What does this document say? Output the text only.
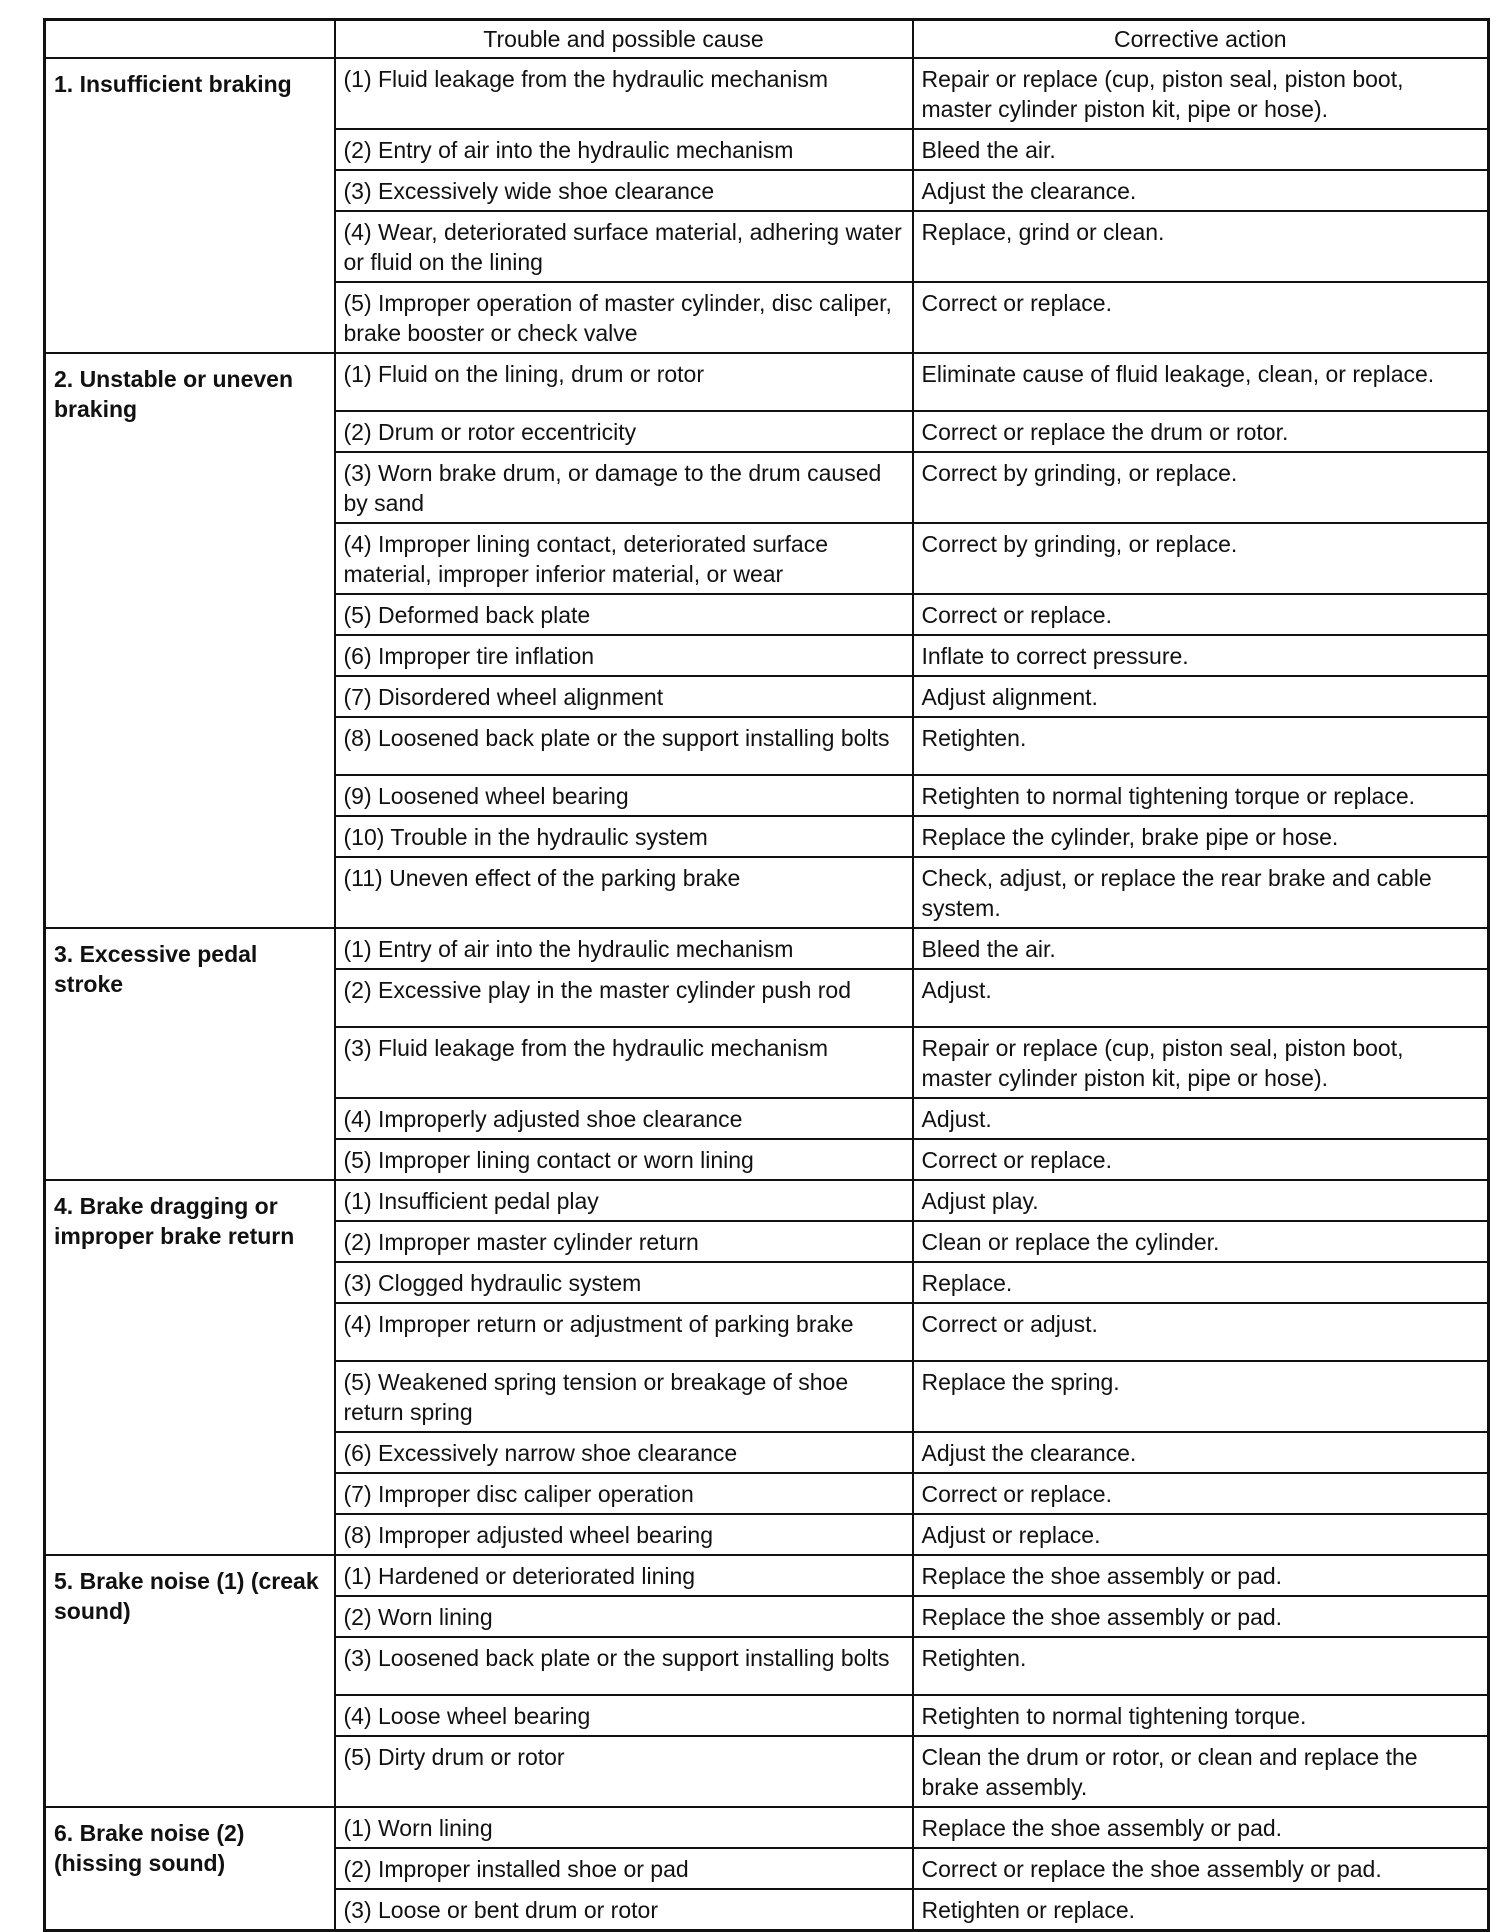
	Trouble and possible cause	Corrective action
1. Insufficient braking	(1) Fluid leakage from the hydraulic mechanism	Repair or replace (cup, piston seal, piston boot, master cylinder piston kit, pipe or hose).
	(2) Entry of air into the hydraulic mechanism	Bleed the air.
	(3) Excessively wide shoe clearance	Adjust the clearance.
	(4) Wear, deteriorated surface material, adhering water or fluid on the lining	Replace, grind or clean.
	(5) Improper operation of master cylinder, disc caliper, brake booster or check valve	Correct or replace.
2. Unstable or uneven braking	(1) Fluid on the lining, drum or rotor	Eliminate cause of fluid leakage, clean, or replace.
	(2) Drum or rotor eccentricity	Correct or replace the drum or rotor.
	(3) Worn brake drum, or damage to the drum caused by sand	Correct by grinding, or replace.
	(4) Improper lining contact, deteriorated surface material, improper inferior material, or wear	Correct by grinding, or replace.
	(5) Deformed back plate	Correct or replace.
	(6) Improper tire inflation	Inflate to correct pressure.
	(7) Disordered wheel alignment	Adjust alignment.
	(8) Loosened back plate or the support installing bolts	Retighten.
	(9) Loosened wheel bearing	Retighten to normal tightening torque or replace.
	(10) Trouble in the hydraulic system	Replace the cylinder, brake pipe or hose.
	(11) Uneven effect of the parking brake	Check, adjust, or replace the rear brake and cable system.
3. Excessive pedal stroke	(1) Entry of air into the hydraulic mechanism	Bleed the air.
	(2) Excessive play in the master cylinder push rod	Adjust.
	(3) Fluid leakage from the hydraulic mechanism	Repair or replace (cup, piston seal, piston boot, master cylinder piston kit, pipe or hose).
	(4) Improperly adjusted shoe clearance	Adjust.
	(5) Improper lining contact or worn lining	Correct or replace.
4. Brake dragging or improper brake return	(1) Insufficient pedal play	Adjust play.
	(2) Improper master cylinder return	Clean or replace the cylinder.
	(3) Clogged hydraulic system	Replace.
	(4) Improper return or adjustment of parking brake	Correct or adjust.
	(5) Weakened spring tension or breakage of shoe return spring	Replace the spring.
	(6) Excessively narrow shoe clearance	Adjust the clearance.
	(7) Improper disc caliper operation	Correct or replace.
	(8) Improper adjusted wheel bearing	Adjust or replace.
5. Brake noise (1) (creak sound)	(1) Hardened or deteriorated lining	Replace the shoe assembly or pad.
	(2) Worn lining	Replace the shoe assembly or pad.
	(3) Loosened back plate or the support installing bolts	Retighten.
	(4) Loose wheel bearing	Retighten to normal tightening torque.
	(5) Dirty drum or rotor	Clean the drum or rotor, or clean and replace the brake assembly.
6. Brake noise (2) (hissing sound)	(1) Worn lining	Replace the shoe assembly or pad.
	(2) Improper installed shoe or pad	Correct or replace the shoe assembly or pad.
	(3) Loose or bent drum or rotor	Retighten or replace.
